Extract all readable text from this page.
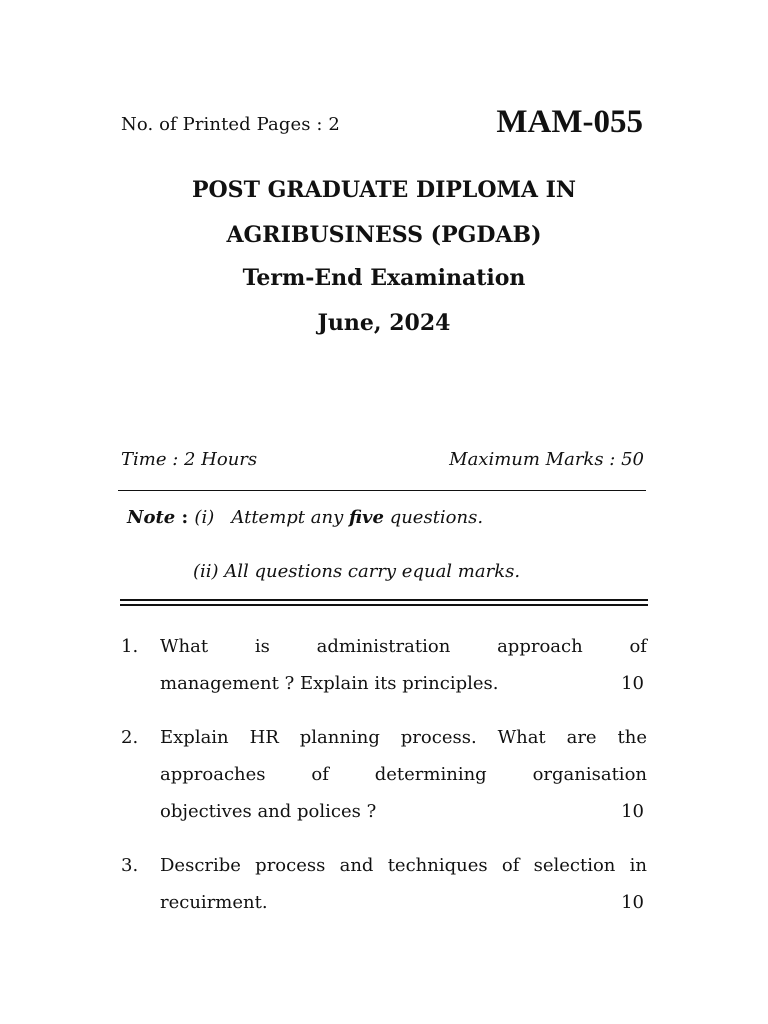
No. of Printed Pages : 2	MAM-055
POST GRADUATE DIPLOMA IN
AGRIBUSINESS (PGDAB)
Term-End Examination
June, 2024
Time : 2 Hours	Maximum Marks : 50
Note : (i) Attempt any five questions.
(ii) All questions carry equal marks.
1. What	is	administration	approach	of
management ? Explain its principles.	10
2. Explain HR planning process. What are the
approaches	of	determining	organisation
objectives and polices ?	10
3. Describe process and techniques of selection in
recuirment.	10
